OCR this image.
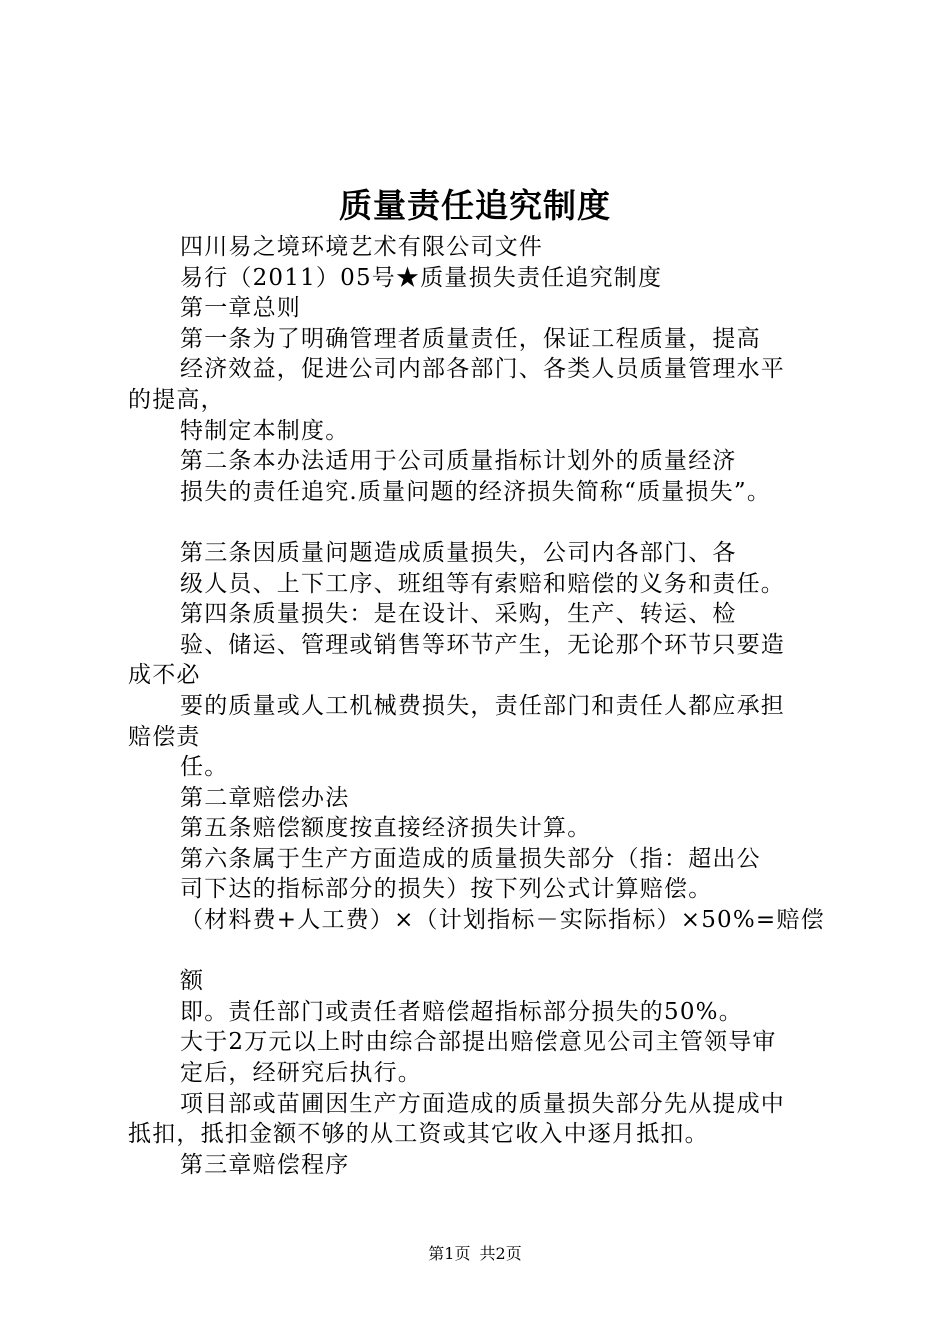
质量责任追究制度
四川易之境环境艺术有限公司文件
易行（2011）05号★质量损失责任追究制度
第一章总则
第一条为了明确管理者质量责任，保证工程质量，提高
经济效益，促进公司内部各部门、各类人员质量管理水平
的提高，
特制定本制度。
第二条本办法适用于公司质量指标计划外的质量经济
损失的责任追究.质量问题的经济损失简称“质量损失”。
第三条因质量问题造成质量损失，公司内各部门、各
级人员、上下工序、班组等有索赔和赔偿的义务和责任。
第四条质量损失：是在设计、采购，生产、转运、检
验、储运、管理或销售等环节产生，无论那个环节只要造
成不必
要的质量或人工机械费损失，责任部门和责任人都应承担
赔偿责
任。
第二章赔偿办法
第五条赔偿额度按直接经济损失计算。
第六条属于生产方面造成的质量损失部分（指：超出公
司下达的指标部分的损失）按下列公式计算赔偿。
（材料费+人工费）×（计划指标－实际指标）×50%=赔偿
额
即。责任部门或责任者赔偿超指标部分损失的50%。
大于2万元以上时由综合部提出赔偿意见公司主管领导审
定后，经研究后执行。
项目部或苗圃因生产方面造成的质量损失部分先从提成中
抵扣，抵扣金额不够的从工资或其它收入中逐月抵扣。
第三章赔偿程序
第1页 共2页
